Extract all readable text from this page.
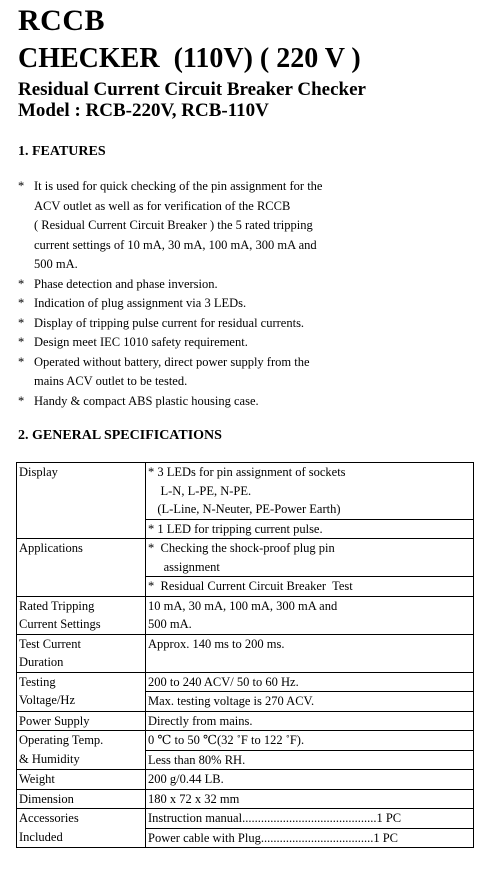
RCCB
CHECKER  (110V) ( 220 V )
Residual Current Circuit Breaker Checker
Model : RCB-220V, RCB-110V
1. FEATURES
* It is used for quick checking of the pin assignment for the
ACV outlet as well as for verification of the RCCB
( Residual Current Circuit Breaker ) the 5 rated tripping
current settings of 10 mA, 30 mA, 100 mA, 300 mA and
500 mA.
* Phase detection and phase inversion.
* Indication of plug assignment via 3 LEDs.
* Display of tripping pulse current for residual currents.
* Design meet IEC 1010 safety requirement.
* Operated without battery, direct power supply from the
mains ACV outlet to be tested.
* Handy & compact ABS plastic housing case.
2. GENERAL SPECIFICATIONS
Display	* 3 LEDs for pin assignment of sockets
L-N, L-PE, N-PE.
(L-Line, N-Neuter, PE-Power Earth)
* 1 LED for tripping current pulse.

Applications	*  Checking the shock-proof plug pin
assignment
*  Residual Current Circuit Breaker  Test

Rated Tripping
Current Settings	10 mA, 30 mA, 100 mA, 300 mA and
500 mA.

Test Current
Duration	Approx. 140 ms to 200 ms.

Testing
Voltage/Hz	200 to 240 ACV/ 50 to 60 Hz.
Max. testing voltage is 270 ACV.

Power Supply	Directly from mains.

Operating Temp.
& Humidity	0 ℃ to 50 ℃(32 ˚F to 122 ˚F).
Less than 80% RH.

Weight	200 g/0.44 LB.

Dimension	180 x 72 x 32 mm

Accessories
Included	Instruction manual...........................................1 PC
Power cable with Plug....................................1 PC
